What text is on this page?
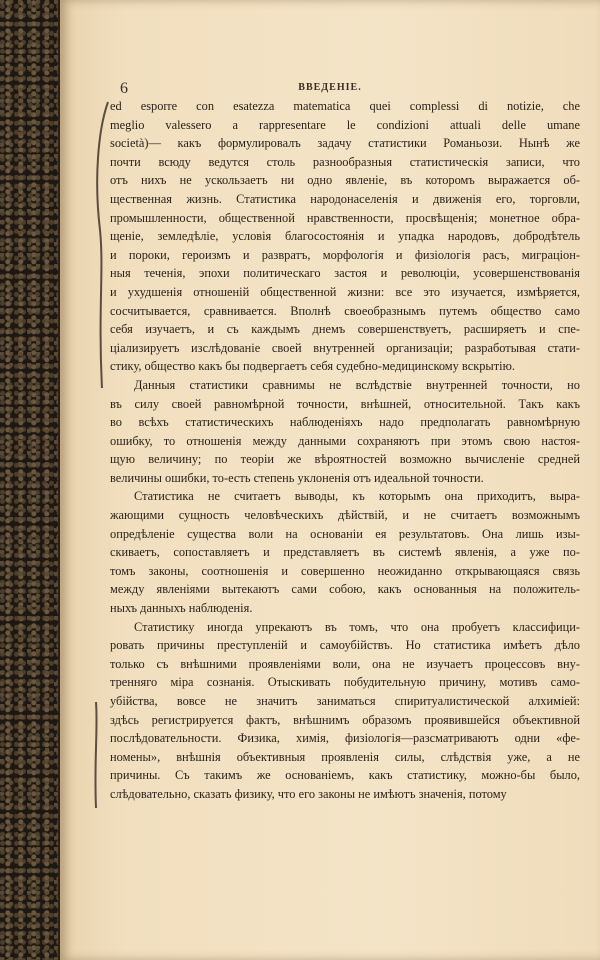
6	ВВЕДЕНІЕ.
ed esporre con esatezza matematica quei complessi di notizie, che
meglio valessero a rappresentare le condizioni attuali delle umane
società)— какъ формулировалъ задачу статистики Романьози. Нынѣ же
почти всюду ведутся столь разнообразныя статистическія записи, что
отъ нихъ не ускользаетъ ни одно явленіе, въ которомъ выражается об-
щественная жизнь. Статистика народонаселенія и движенія его, торговли,
промышленности, общественной нравственности, просвѣщенія; монетное обра-
щеніе, земледѣліе, условія благосостоянія и упадка народовъ, добродѣтель
и пороки, героизмъ и развратъ, морфологія и физіологія расъ, миграціон-
ныя теченія, эпохи политическаго застоя и революціи, усовершенствованія
и ухудшенія отношеній общественной жизни: все это изучается, измѣряется,
сосчитывается, сравнивается. Вполнѣ своеобразнымъ путемъ общество само
себя изучаетъ, и съ каждымъ днемъ совершенствуетъ, расширяетъ и спе-
ціализируетъ изслѣдованіе своей внутренней организаціи; разработывая стати-
стику, общество какъ бы подвергаетъ себя судебно-медицинскому вскрытію.
Данныя статистики сравнимы не вслѣдствіе внутренней точности, но
въ силу своей равномѣрной точности, внѣшней, относительной. Такъ какъ
во всѣхъ статистическихъ наблюденіяхъ надо предполагать равномѣрную
ошибку, то отношенія между данными сохраняютъ при этомъ свою настоя-
щую величину; по теоріи же вѣроятностей возможно вычисленіе средней
величины ошибки, то-есть степень уклоненія отъ идеальной точности.
Статистика не считаетъ выводы, къ которымъ она приходитъ, выра-
жающими сущность человѣческихъ дѣйствій, и не считаетъ возможнымъ
опредѣленіе существа воли на основаніи ея результатовъ. Она лишь изы-
скиваетъ, сопоставляетъ и представляетъ въ системѣ явленія, а уже по-
томъ законы, соотношенія и совершенно неожиданно открывающаяся связь
между явленіями вытекаютъ сами собою, какъ основанныя на положитель-
ныхъ данныхъ наблюденія.
Статистику иногда упрекаютъ въ томъ, что она пробуетъ классифици-
ровать причины преступленій и самоубійствъ. Но статистика имѣетъ дѣло
только съ внѣшними проявленіями воли, она не изучаетъ процессовъ вну-
тренняго міра сознанія. Отыскивать побудительную причину, мотивъ само-
убійства, вовсе не значитъ заниматься спиритуалистической алхиміей:
здѣсь регистрируется фактъ, внѣшнимъ образомъ проявившейся объективной
послѣдовательности. Физика, химія, физіологія—разсматриваютъ одни «фе-
номены», внѣшнія объективныя проявленія силы, слѣдствія уже, а не
причины. Съ такимъ же основаніемъ, какъ статистику, можно-бы было,
слѣдовательно, сказать физику, что его законы не имѣютъ значенія, потому
